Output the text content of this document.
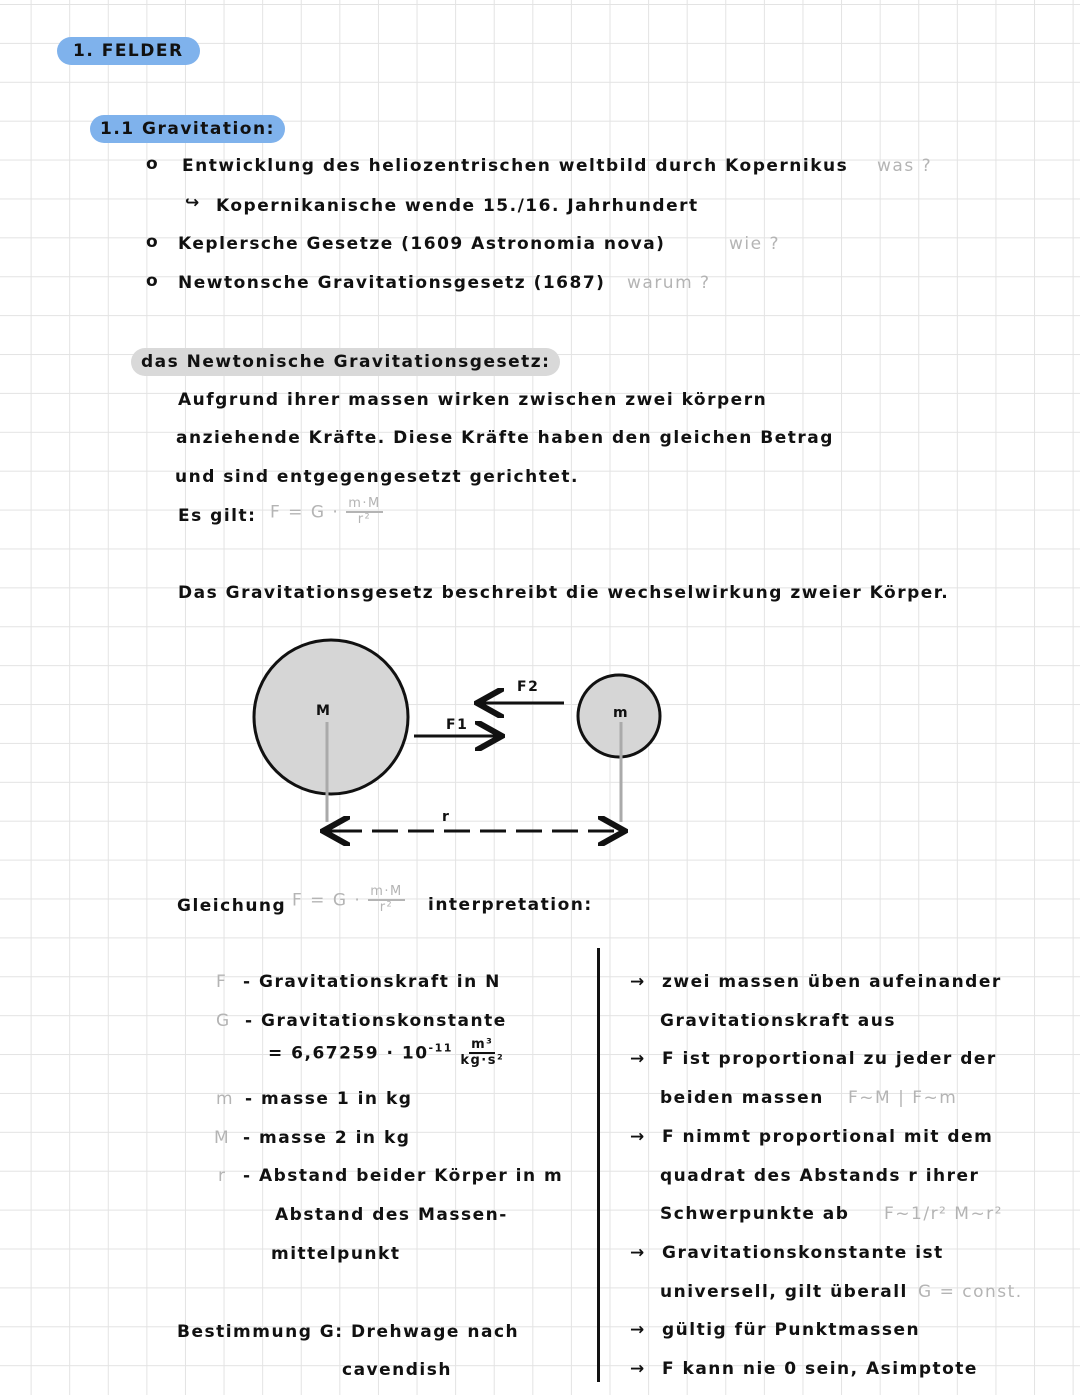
1. FELDER
1.1 Gravitation:
o Entwicklung des heliozentrischen weltbild durch Kopernikus was ?
↪ Kopernikanische wende 15./16. Jahrhundert
o Keplersche Gesetze (1609 Astronomia nova)	wie ?
o Newtonsche Gravitationsgesetz (1687) warum ?
das Newtonische Gravitationsgesetz:
Aufgrund ihrer massen wirken zwischen zwei körpern
anziehende Kräfte. Diese Kräfte haben den gleichen Betrag
und sind entgegengesetzt gerichtet.
Es gilt: $F = G \cdot \frac{m\cdot M}{\text{r²}}$
Das Gravitationsgesetz beschreibt die wechselwirkung zweier Körper.
M	m
F1
F2
r
Gleichung $F = G \cdot \frac{m\cdot M}{\text{r²}}$ interpretation:
F - Gravitationskraft in N
G - Gravitationskonstante
= $6,67259 \cdot 10^{-11} \frac{\text{m³}}{\text{kg·s²}}$
m - masse 1 in kg
M - masse 2 in kg
r - Abstand beider Körper in m
Abstand des Massen-
mittelpunkt
Bestimmung G: Drehwage nach
cavendish
→ zwei massen üben aufeinander
Gravitationskraft aus
→ F ist proportional zu jeder der
beiden massen F~M | F~m
→ F nimmt proportional mit dem
quadrat des Abstands r ihrer
Schwerpunkte ab F~1/r² M~r²
→ Gravitationskonstante ist
universell, gilt überall G = const.
→ gültig für Punktmassen
→ F kann nie 0 sein, Asimptote
